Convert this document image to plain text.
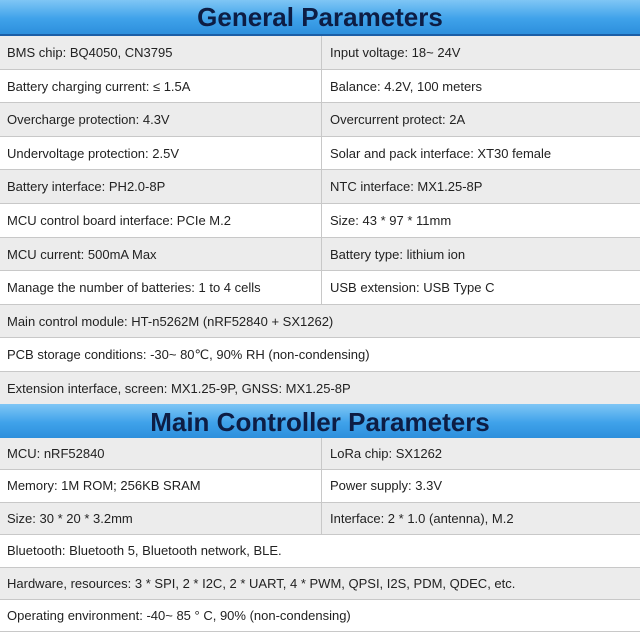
General Parameters
BMS chip: BQ4050, CN3795	Input voltage: 18~ 24V
Battery charging current: ≤ 1.5A	Balance: 4.2V, 100 meters
Overcharge protection: 4.3V	Overcurrent protect: 2A
Undervoltage protection: 2.5V	Solar and pack interface: XT30 female
Battery interface: PH2.0-8P	NTC interface: MX1.25-8P
MCU control board interface: PCIe M.2	Size: 43 * 97 * 11mm
MCU current: 500mA Max	Battery type: lithium ion
Manage the number of batteries: 1 to 4 cells	USB extension: USB Type C
Main control module: HT-n5262M (nRF52840 + SX1262)
PCB storage conditions: -30~ 80℃, 90% RH (non-condensing)
Extension interface, screen: MX1.25-9P, GNSS: MX1.25-8P
Main Controller Parameters
MCU: nRF52840	LoRa chip: SX1262
Memory: 1M ROM; 256KB SRAM	Power supply: 3.3V
Size: 30 * 20 * 3.2mm	Interface: 2 * 1.0 (antenna), M.2
Bluetooth: Bluetooth 5, Bluetooth network, BLE.
Hardware, resources: 3 * SPI, 2 * I2C, 2 * UART, 4 * PWM, QPSI, I2S, PDM, QDEC, etc.
Operating environment: -40~ 85 ° C, 90% (non-condensing)
